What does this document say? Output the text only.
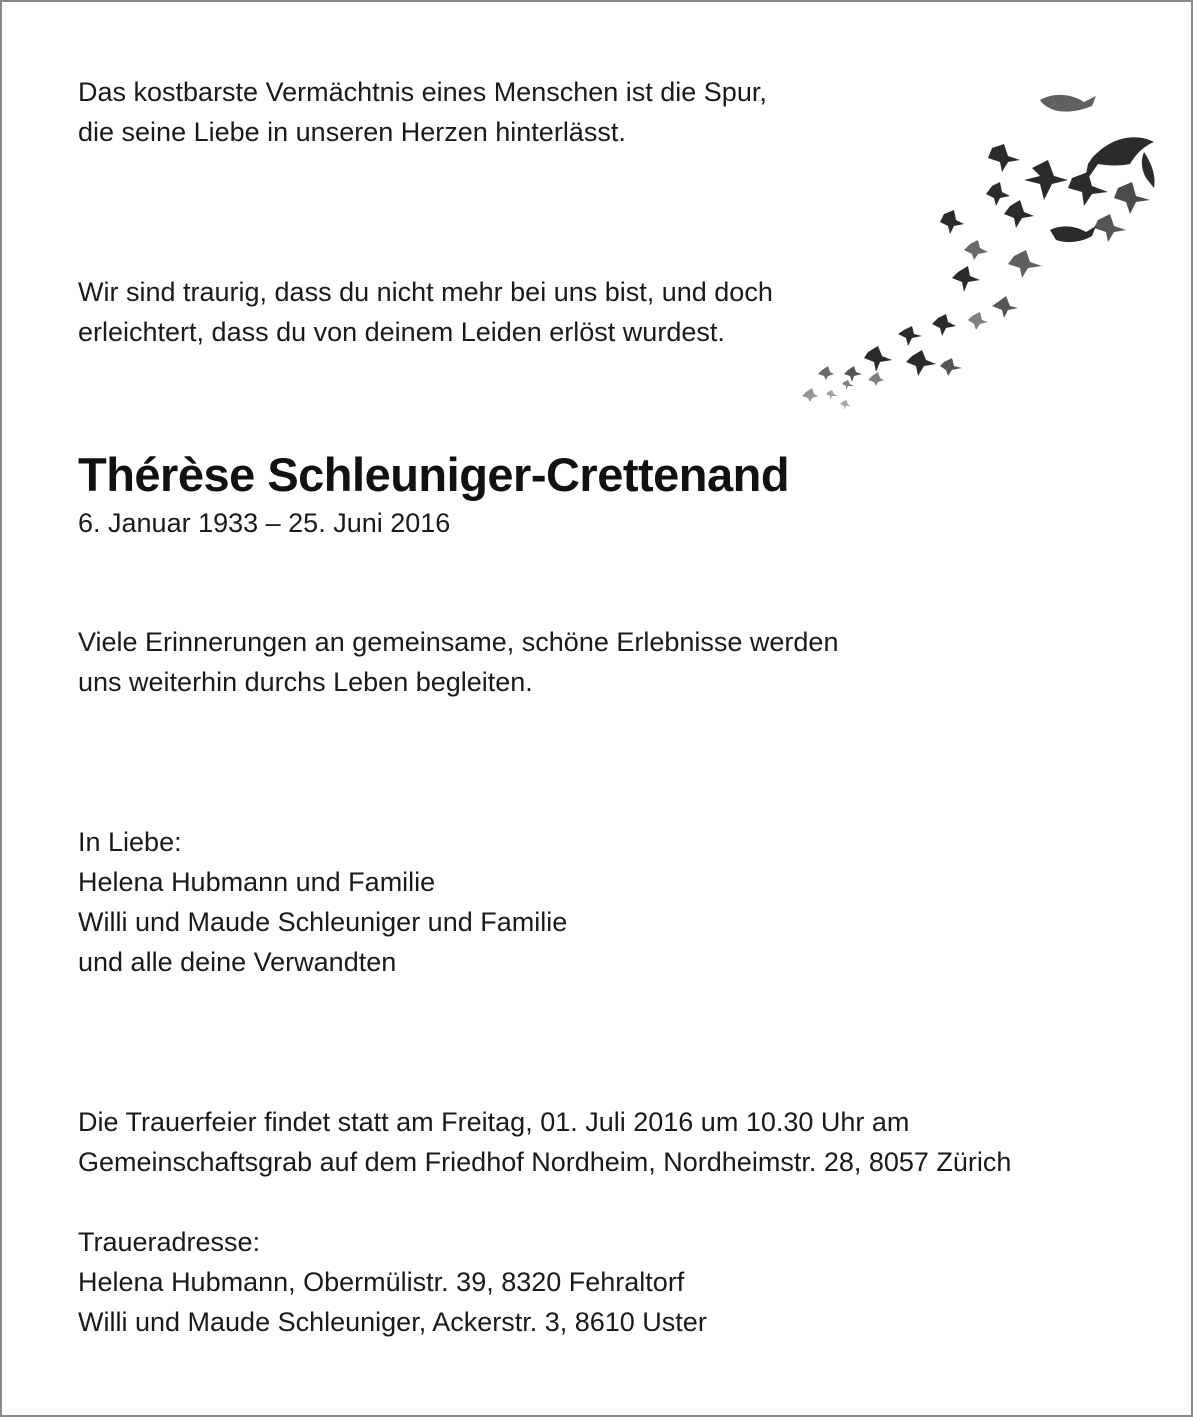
Das kostbarste Vermächtnis eines Menschen ist die Spur,
die seine Liebe in unseren Herzen hinterlässt.

Wir sind traurig, dass du nicht mehr bei uns bist, und doch
erleichtert, dass du von deinem Leiden erlöst wurdest.

Thérèse Schleuniger-Crettenand

6. Januar 1933 – 25. Juni 2016

Viele Erinnerungen an gemeinsame, schöne Erlebnisse werden
uns weiterhin durchs Leben begleiten.

In Liebe:
Helena Hubmann und Familie
Willi und Maude Schleuniger und Familie
und alle deine Verwandten

Die Trauerfeier findet statt am Freitag, 01. Juli 2016 um 10.30 Uhr am
Gemeinschaftsgrab auf dem Friedhof Nordheim, Nordheimstr. 28, 8057 Zürich

Traueradresse:
Helena Hubmann, Obermülistr. 39, 8320 Fehraltorf
Willi und Maude Schleuniger, Ackerstr. 3, 8610 Uster
